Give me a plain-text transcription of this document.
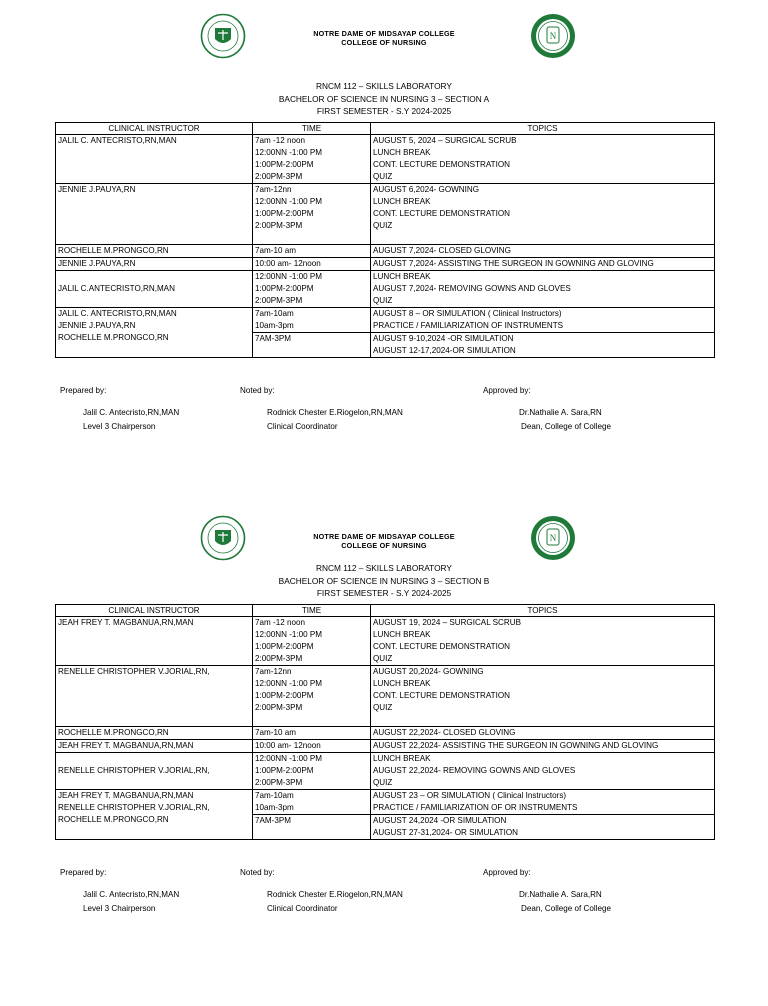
N
NOTRE DAME OF MIDSAYAP COLLEGE
COLLEGE OF NURSING
RNCM 112 – SKILLS LABORATORY
BACHELOR OF SCIENCE IN NURSING 3 – SECTION A
FIRST SEMESTER - S.Y 2024-2025
CLINICAL INSTRUCTOR	TIME	TOPICS

JALIL C. ANTECRISTO,RN,MAN	7am -12 noon
12:00NN -1:00 PM
1:00PM-2:00PM
2:00PM-3PM	AUGUST 5, 2024 – SURGICAL SCRUB
LUNCH BREAK
CONT. LECTURE DEMONSTRATION
QUIZ

JENNIE J.PAUYA,RN	7am-12nn
12:00NN -1:00 PM
1:00PM-2:00PM
2:00PM-3PM	AUGUST 6,2024- GOWNING
LUNCH BREAK
CONT. LECTURE DEMONSTRATION
QUIZ

ROCHELLE M.PRONGCO,RN	7am-10 am	AUGUST 7,2024- CLOSED GLOVING

JENNIE J.PAUYA,RN	10:00 am- 12noon	AUGUST 7,2024- ASSISTING THE SURGEON IN GOWNING AND GLOVING

JALIL C.ANTECRISTO,RN,MAN	12:00NN -1:00 PM
1:00PM-2:00PM
2:00PM-3PM	LUNCH BREAK
AUGUST 7,2024- REMOVING GOWNS AND GLOVES
QUIZ

JALIL C. ANTECRISTO,RN,MAN
JENNIE J.PAUYA,RN
ROCHELLE M.PRONGCO,RN	7am-10am
10am-3pm	AUGUST 8 – OR SIMULATION ( Clinical Instructors)
PRACTICE / FAMILIARIZATION OF INSTRUMENTS

	7AM-3PM	AUGUST 9-10,2024 -OR SIMULATION
AUGUST 12-17,2024-OR SIMULATION
Prepared by:	Noted by:	Approved by:
Jalil C. Antecristo,RN,MAN
Level 3 Chairperson
Rodnick Chester E.Riogelon,RN,MAN
Clinical Coordinator
Dr.Nathalie A. Sara,RN
Dean, College of College
N
NOTRE DAME OF MIDSAYAP COLLEGE
COLLEGE OF NURSING
RNCM 112 – SKILLS LABORATORY
BACHELOR OF SCIENCE IN NURSING 3 – SECTION B
FIRST SEMESTER - S.Y 2024-2025
CLINICAL INSTRUCTOR	TIME	TOPICS

JEAH FREY T. MAGBANUA,RN,MAN	7am -12 noon
12:00NN -1:00 PM
1:00PM-2:00PM
2:00PM-3PM	AUGUST 19, 2024 – SURGICAL SCRUB
LUNCH BREAK
CONT. LECTURE DEMONSTRATION
QUIZ

RENELLE CHRISTOPHER V.JORIAL,RN,	7am-12nn
12:00NN -1:00 PM
1:00PM-2:00PM
2:00PM-3PM	AUGUST 20,2024- GOWNING
LUNCH BREAK
CONT. LECTURE DEMONSTRATION
QUIZ

ROCHELLE M.PRONGCO,RN	7am-10 am	AUGUST 22,2024- CLOSED GLOVING

JEAH FREY T. MAGBANUA,RN,MAN	10:00 am- 12noon	AUGUST 22,2024- ASSISTING THE SURGEON IN GOWNING AND GLOVING

RENELLE CHRISTOPHER V.JORIAL,RN,	12:00NN -1:00 PM
1:00PM-2:00PM
2:00PM-3PM	LUNCH BREAK
AUGUST 22,2024- REMOVING GOWNS AND GLOVES
QUIZ

JEAH FREY T. MAGBANUA,RN,MAN
RENELLE CHRISTOPHER V.JORIAL,RN,
ROCHELLE M.PRONGCO,RN	7am-10am
10am-3pm	AUGUST 23 – OR SIMULATION ( Clinical Instructors)
PRACTICE / FAMILIARIZATION OF OR INSTRUMENTS

	7AM-3PM	AUGUST 24,2024 -OR SIMULATION
AUGUST 27-31,2024- OR SIMULATION
Prepared by:	Noted by:	Approved by:
Jalil C. Antecristo,RN,MAN
Level 3 Chairperson
Rodnick Chester E.Riogelon,RN,MAN
Clinical Coordinator
Dr.Nathalie A. Sara,RN
Dean, College of College
